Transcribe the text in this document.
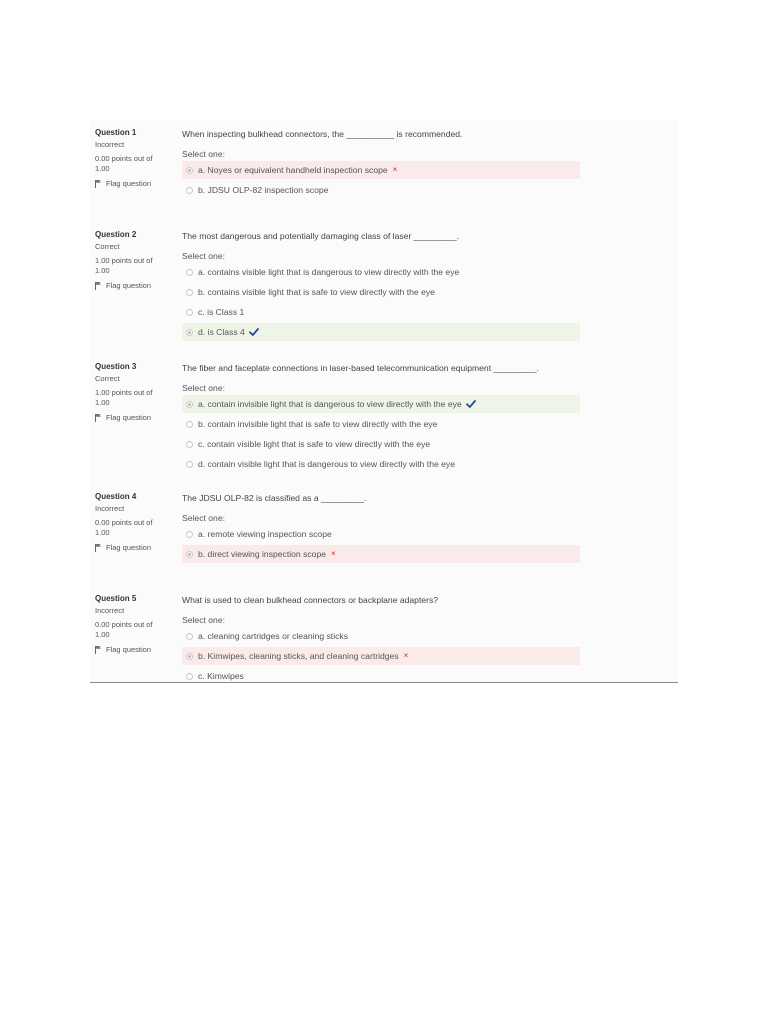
Question 1
Incorrect
0.00 points out of 1.00
Flag question
When inspecting bulkhead connectors, the __________ is recommended.
Select one:
a. Noyes or equivalent handheld inspection scope ×
b. JDSU OLP-82 inspection scope
Question 2
Correct
1.00 points out of 1.00
Flag question
The most dangerous and potentially damaging class of laser _________.
Select one:
a. contains visible light that is dangerous to view directly with the eye
b. contains visible light that is safe to view directly with the eye
c. is Class 1
d. is Class 4
Question 3
Correct
1.00 points out of 1.00
Flag question
The fiber and faceplate connections in laser-based telecommunication equipment _________.
Select one:
a. contain invisible light that is dangerous to view directly with the eye
b. contain invisible light that is safe to view directly with the eye
c. contain visible light that is safe to view directly with the eye
d. contain visible light that is dangerous to view directly with the eye
Question 4
Incorrect
0.00 points out of 1.00
Flag question
The JDSU OLP-82 is classified as a _________.
Select one:
a. remote viewing inspection scope
b. direct viewing inspection scope ×
Question 5
Incorrect
0.00 points out of 1.00
Flag question
What is used to clean bulkhead connectors or backplane adapters?
Select one:
a. cleaning cartridges or cleaning sticks
b. Kimwipes, cleaning sticks, and cleaning cartridges ×
c. Kimwipes
